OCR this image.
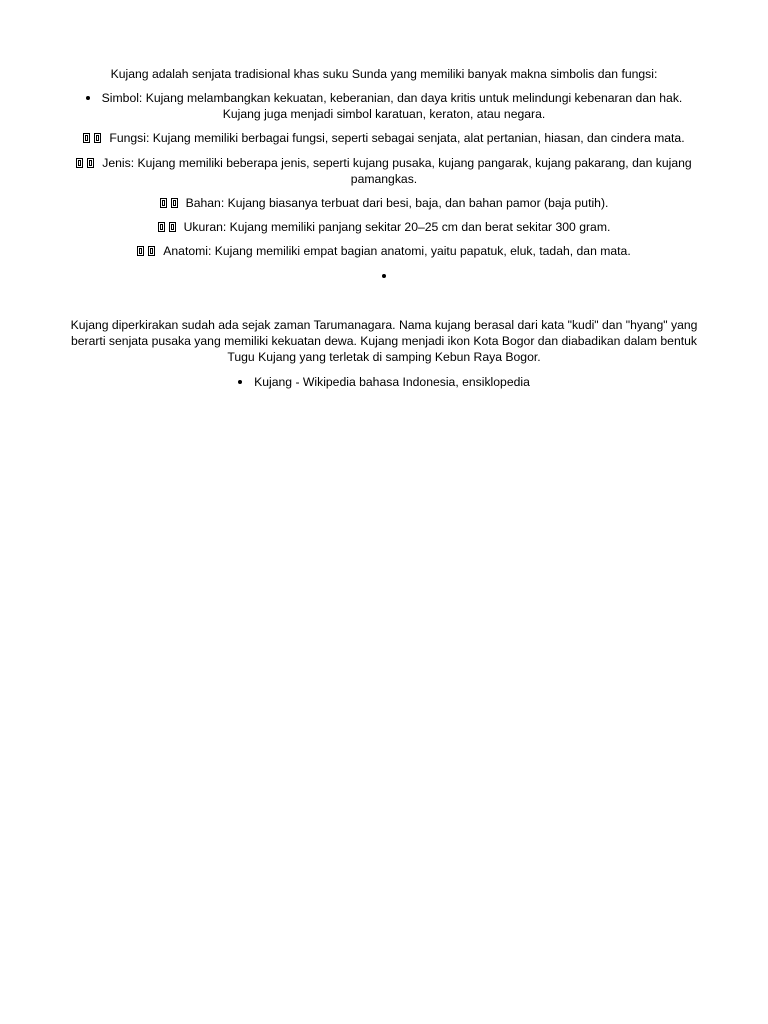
Kujang adalah senjata tradisional khas suku Sunda yang memiliki banyak makna simbolis dan fungsi:
Simbol: Kujang melambangkan kekuatan, keberanian, dan daya kritis untuk melindungi kebenaran dan hak.
Kujang juga menjadi simbol karatuan, keraton, atau negara.
Fungsi: Kujang memiliki berbagai fungsi, seperti sebagai senjata, alat pertanian, hiasan, dan cindera mata.
Jenis: Kujang memiliki beberapa jenis, seperti kujang pusaka, kujang pangarak, kujang pakarang, dan kujang
pamangkas.
Bahan: Kujang biasanya terbuat dari besi, baja, dan bahan pamor (baja putih).
Ukuran: Kujang memiliki panjang sekitar 20–25 cm dan berat sekitar 300 gram.
Anatomi: Kujang memiliki empat bagian anatomi, yaitu papatuk, eluk, tadah, dan mata.
Kujang diperkirakan sudah ada sejak zaman Tarumanagara. Nama kujang berasal dari kata "kudi" dan "hyang" yang
berarti senjata pusaka yang memiliki kekuatan dewa. Kujang menjadi ikon Kota Bogor dan diabadikan dalam bentuk
Tugu Kujang yang terletak di samping Kebun Raya Bogor.
Kujang - Wikipedia bahasa Indonesia, ensiklopedia
